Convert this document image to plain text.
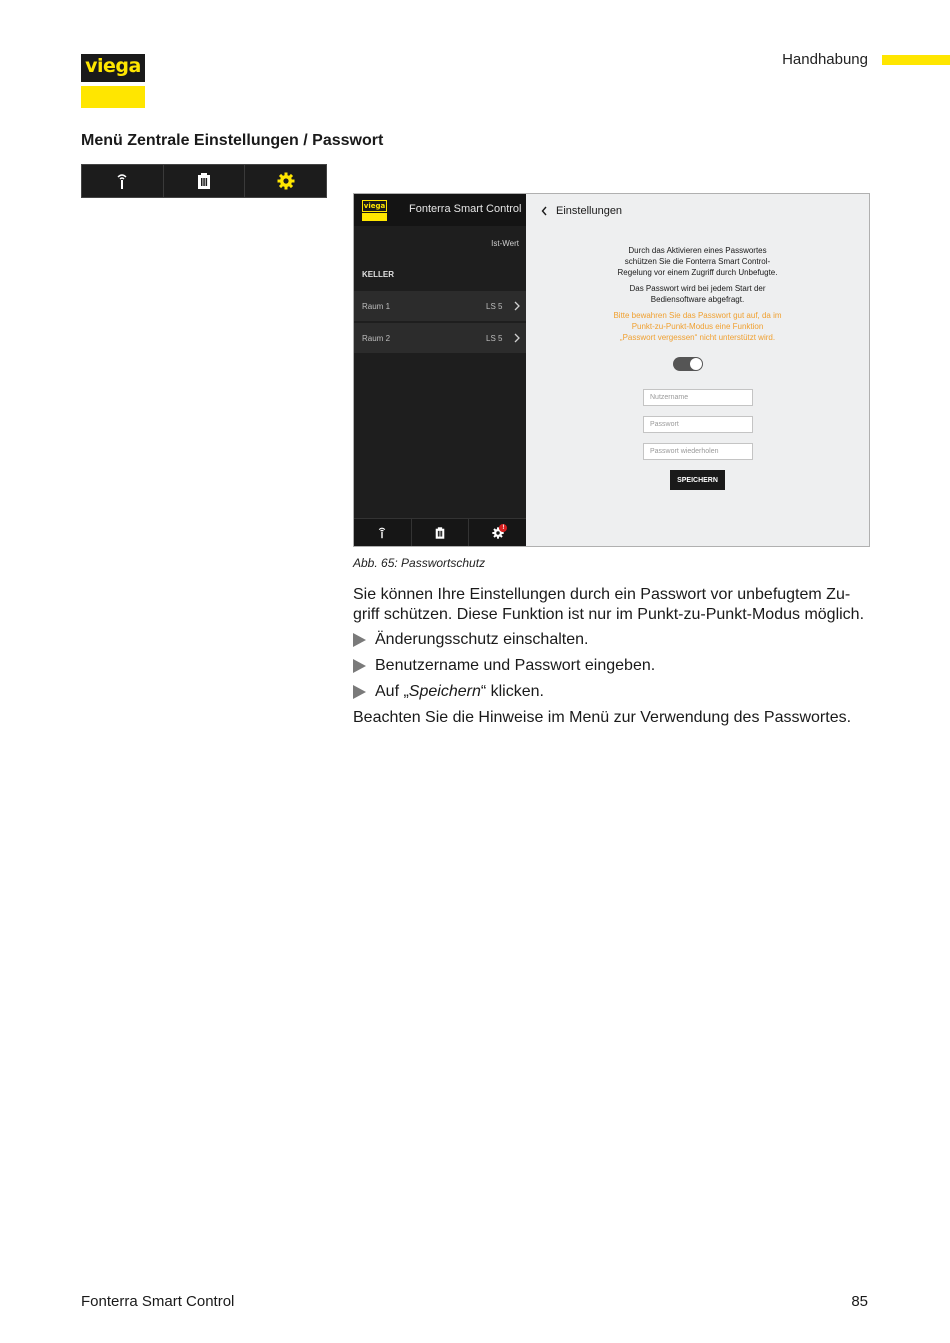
viega	Handhabung
Menü Zentrale Einstellungen / Passwort
viega Fonterra Smart Control
Ist-Wert
KELLER
Raum 1	LS 5
Raum 2	LS 5
!
Einstellungen

Durch das Aktivieren eines Passwortes

schützen Sie die Fonterra Smart Control-

Regelung vor einem Zugriff durch Unbefugte.

Das Passwort wird bei jedem Start der

Bediensoftware abgefragt.

Bitte bewahren Sie das Passwort gut auf, da im

Punkt-zu-Punkt-Modus eine Funktion

„Passwort vergessen“ nicht unterstützt wird.

Nutzername
Passwort
Passwort wiederholen
SPEICHERN
Abb. 65: Passwortschutz
Sie können Ihre Einstellungen durch ein Passwort vor unbefugtem Zu-
griff schützen. Diese Funktion ist nur im Punkt-zu-Punkt-Modus möglich.
Änderungsschutz einschalten.
Benutzername und Passwort eingeben.
Auf „ Speichern “ klicken.
Beachten Sie die Hinweise im Menü zur Verwendung des Passwortes.
Fonterra Smart Control	85
